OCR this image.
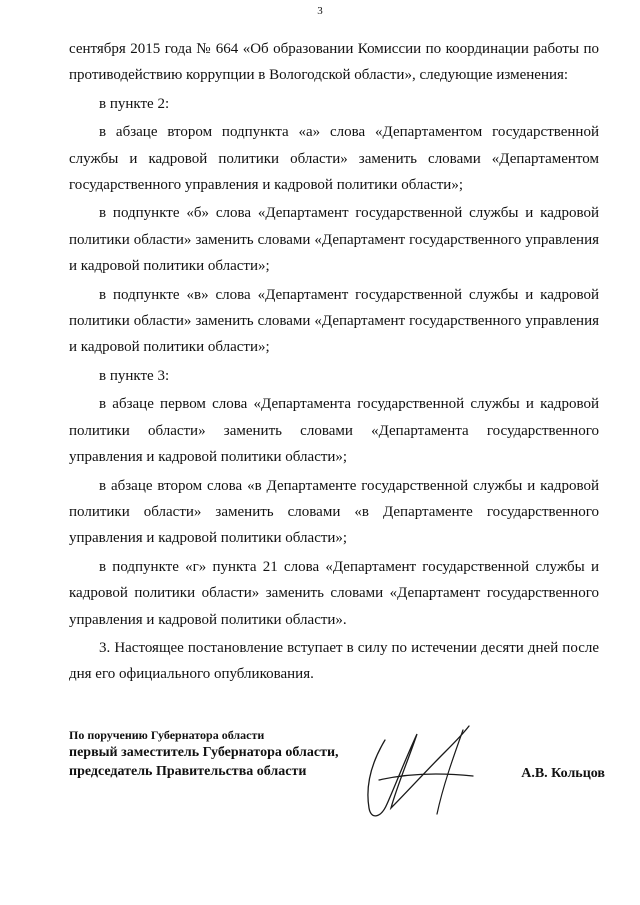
3

сентября 2015 года № 664 «Об образовании Комиссии по координации работы по противодействию коррупции в Вологодской области», следующие изменения:

в пункте 2:

в абзаце втором подпункта «а» слова «Департаментом государственной службы и кадровой политики области» заменить словами «Департаментом государственного управления и кадровой политики области»;

в подпункте «б» слова «Департамент государственной службы и кадровой политики области» заменить словами «Департамент государственного управления и кадровой политики области»;

в подпункте «в» слова «Департамент государственной службы и кадровой политики области» заменить словами «Департамент государственного управления и кадровой политики области»;

в пункте 3:

в абзаце первом слова «Департамента государственной службы и кадровой политики области» заменить словами «Департамента государственного управления и кадровой политики области»;

в абзаце втором слова «в Департаменте государственной службы и кадровой политики области» заменить словами «в Департаменте государственного управления и кадровой политики области»;

в подпункте «г» пункта 21 слова «Департамент государственной службы и кадровой политики области» заменить словами «Департамент государственного управления и кадровой политики области».

3. Настоящее постановление вступает в силу по истечении десяти дней после дня его официального опубликования.

По поручению Губернатора области
первый заместитель Губернатора области,
председатель Правительства области	А.В. Кольцов
